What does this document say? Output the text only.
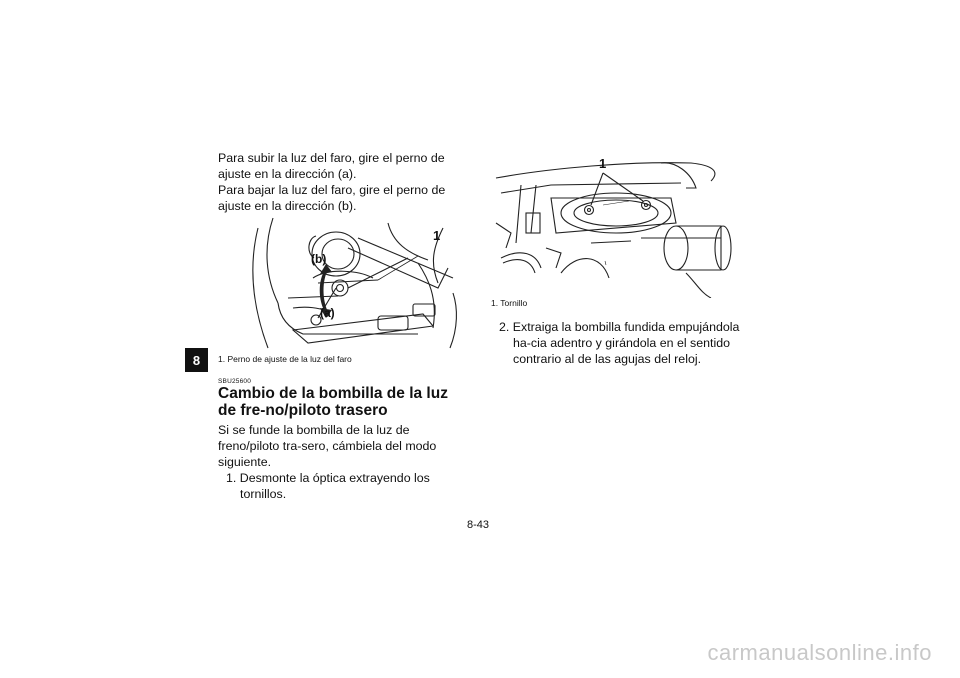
8

Para subir la luz del faro, gire el perno de ajuste en la dirección (a).

Para bajar la luz del faro, gire el perno de ajuste en la dirección (b).

1
(b)
(a)
1. Perno de ajuste de la luz del faro
SBU25600
Cambio de la bombilla de la luz de fre-no/piloto trasero

Si se funde la bombilla de la luz de freno/piloto tra-sero, cámbiela del modo siguiente.

1. Desmonte la óptica extrayendo los tornillos.

1
1. Tornillo

2. Extraiga la bombilla fundida empujándola ha-cia adentro y girándola en el sentido contrario al de las agujas del reloj.

8-43
carmanualsonline.info
